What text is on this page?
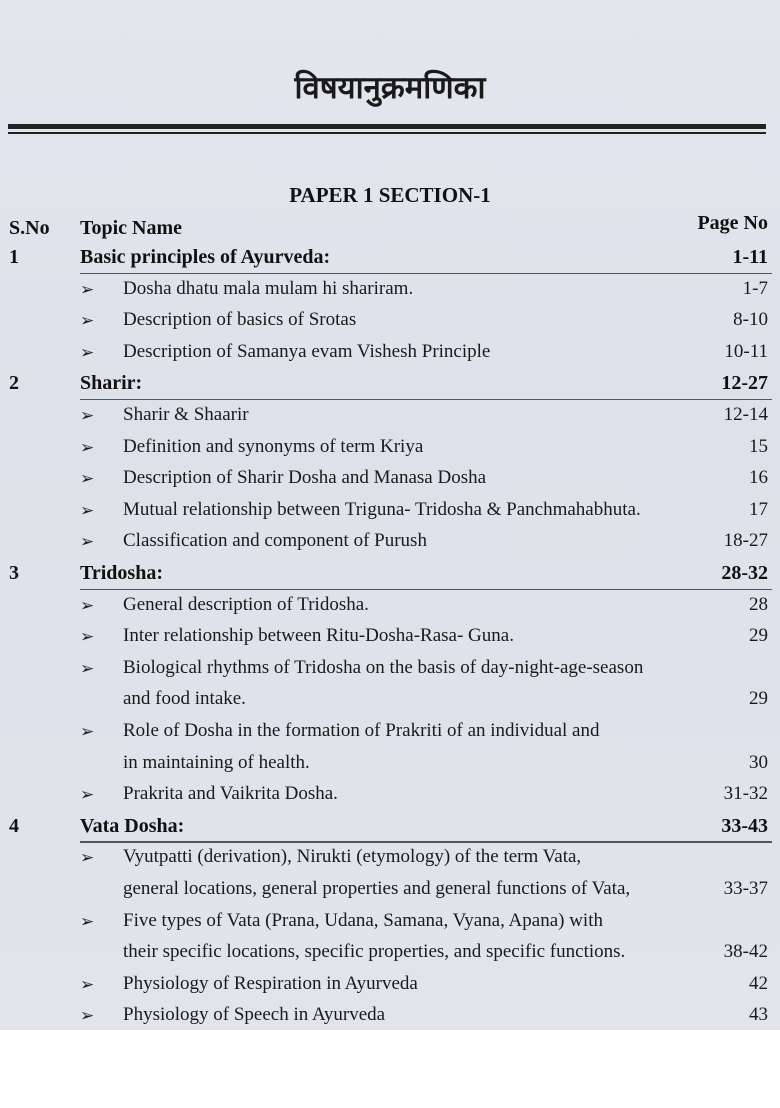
विषयानुक्रमणिका
PAPER 1 SECTION-1
S.No Topic Name	Page No
1	Basic principles of Ayurveda:	1-11
➢ Dosha dhatu mala mulam hi shariram.	1-7
➢ Description of basics of Srotas	8-10
➢ Description of Samanya evam Vishesh Principle	10-11
2	Sharir:	12-27
➢ Sharir & Shaarir	12-14
➢ Definition and synonyms of term Kriya	15
➢ Description of Sharir Dosha and Manasa Dosha	16
➢ Mutual relationship between Triguna- Tridosha & Panchmahabhuta.	17
➢ Classification and component of Purush	18-27
3	Tridosha:	28-32
➢ General description of Tridosha.	28
➢ Inter relationship between Ritu-Dosha-Rasa- Guna.	29
➢ Biological rhythms of Tridosha on the basis of day-night-age-season
and food intake.	29
➢ Role of Dosha in the formation of Prakriti of an individual and
in maintaining of health.	30
➢ Prakrita and Vaikrita Dosha.	31-32
4	Vata Dosha:	33-43
➢ Vyutpatti (derivation), Nirukti (etymology) of the term Vata,
general locations, general properties and general functions of Vata,	33-37
➢ Five types of Vata (Prana, Udana, Samana, Vyana, Apana) with
their specific locations, specific properties, and specific functions.	38-42
➢ Physiology of Respiration in Ayurveda	42
➢ Physiology of Speech in Ayurveda	43
